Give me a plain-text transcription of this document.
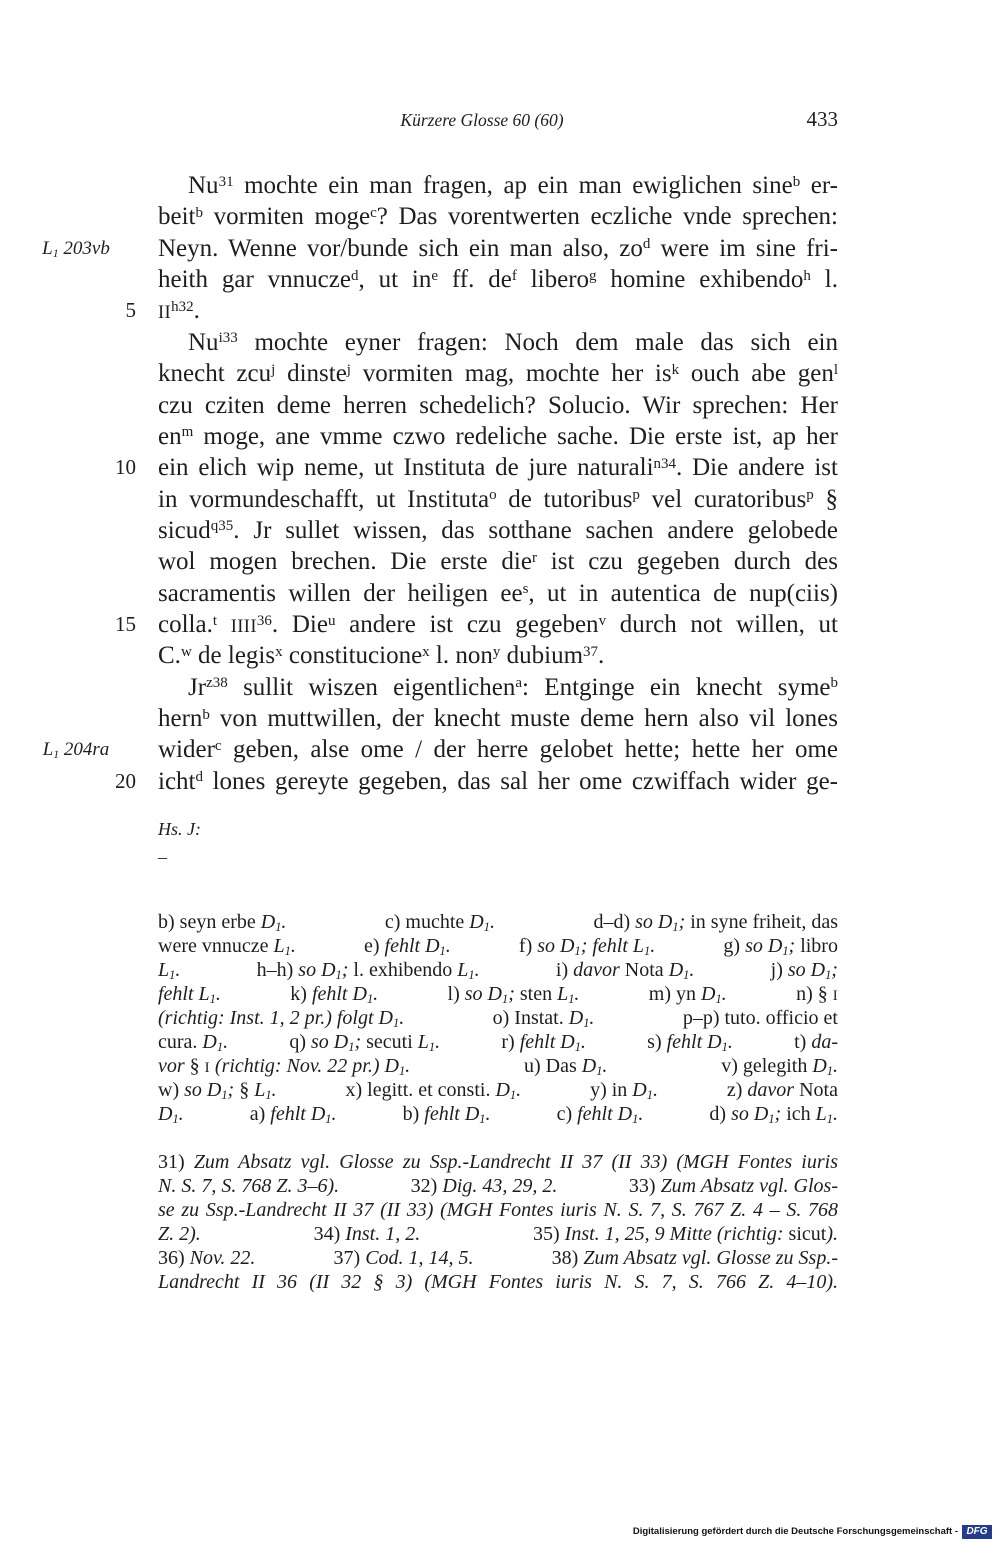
Kürzere Glosse 60 (60)	433
Nu$^{31}$ mochte ein man fragen, ap ein man ewiglichen sine$^b$ er-
beit$^b$ vormiten moge$^c$? Das vorentwerten eczliche vnde sprechen:
L1 203vb Neyn. Wenne vor/bunde sich ein man also, $zo^d$ were im sine fri-
heith gar vnnucze$^d$, ut $in^e$ ff. $de^f$ libero$^g$ homine exhibendo$^h$ l.
5 $II^{h32}$.
$Nu^{i33}$ mochte eyner fragen: Noch dem male das sich ein
knecht zcu$^j$ dinste$^j$ vormiten mag, mochte her $is^k$ ouch abe gen$^l$
czu cziten deme herren schedelich? Solucio. Wir sprechen: Her
$en^m$ moge, ane vmme czwo redeliche sache. Die erste ist, ap her
10 ein elich wip neme, ut Instituta de jure naturali$^{n34}$. Die andere ist
in vormundeschafft, ut Instituta$^o$ de tutoribus$^p$ vel curatoribus$^p$ §
sicud$^{q35}$. Jr sullet wissen, das sotthane sachen andere gelobede
wol mogen brechen. Die erste die$^r$ ist czu gegeben durch des
sacramentis willen der heiligen $ee^s$, ut in autentica de nup(ciis)
15 colla.$^t$ IIII$^{36}$. Die$^u$ andere ist czu gegeben$^v$ durch not willen, ut
C.$^w$ de legis$^x$ constitucione$^x$ l. non$^y$ dubium$^{37}$.
$Jr^{z38}$ sullit wiszen eigentlichen$^a$: Entginge ein knecht syme$^b$
hern$^b$ von muttwillen, der knecht muste deme hern also vil lones
L1 204ra wider$^c$ geben, alse ome / der herre gelobet hette; hette her ome
20 icht$^d$ lones gereyte gegeben, das sal her ome czwiffach wider ge-
Hs. J:
–
b) seyn erbe D1.	c) muchte D1.	d–d) so D1; in syne friheit, das
were vnnucze L1.	e) fehlt D1.	f) so D1; fehlt L1.	g) so D1; libro
L1.	h–h) so D1; l. exhibendo L1.	i) davor Nota D1.	j) so D1;
fehlt L1.	k) fehlt D1.	l) so D1; sten L1.	m) yn D1.	n) § I
(richtig: Inst. 1, 2 pr.) folgt D1.	o) Instat. D1.	p–p) tuto. officio et
cura. D1.	q) so D1; secuti L1.	r) fehlt D1.	s) fehlt D1.	t) da-
vor § I (richtig: Nov. 22 pr.) D1.	u) Das D1.	v) gelegith D1.
w) so D1; § L1.	x) legitt. et consti. D1.	y) in D1.	z) davor Nota
D1.	a) fehlt D1.	b) fehlt D1.	c) fehlt D1.	d) so D1; ich L1.
31) Zum Absatz vgl. Glosse zu Ssp.-Landrecht II 37 (II 33) (MGH Fontes iuris
N. S. 7, S. 768 Z. 3–6).	32) Dig. 43, 29, 2.	33) Zum Absatz vgl. Glos-
se zu Ssp.-Landrecht II 37 (II 33) (MGH Fontes iuris N. S. 7, S. 767 Z. 4 – S. 768
Z. 2).	34) Inst. 1, 2.	35) Inst. 1, 25, 9 Mitte (richtig: sicut).
36) Nov. 22.	37) Cod. 1, 14, 5.	38) Zum Absatz vgl. Glosse zu Ssp.-
Landrecht II 36 (II 32 § 3) (MGH Fontes iuris N. S. 7, S. 766 Z. 4–10).
Digitalisierung gefördert durch die Deutsche Forschungsgemeinschaft - DFG
